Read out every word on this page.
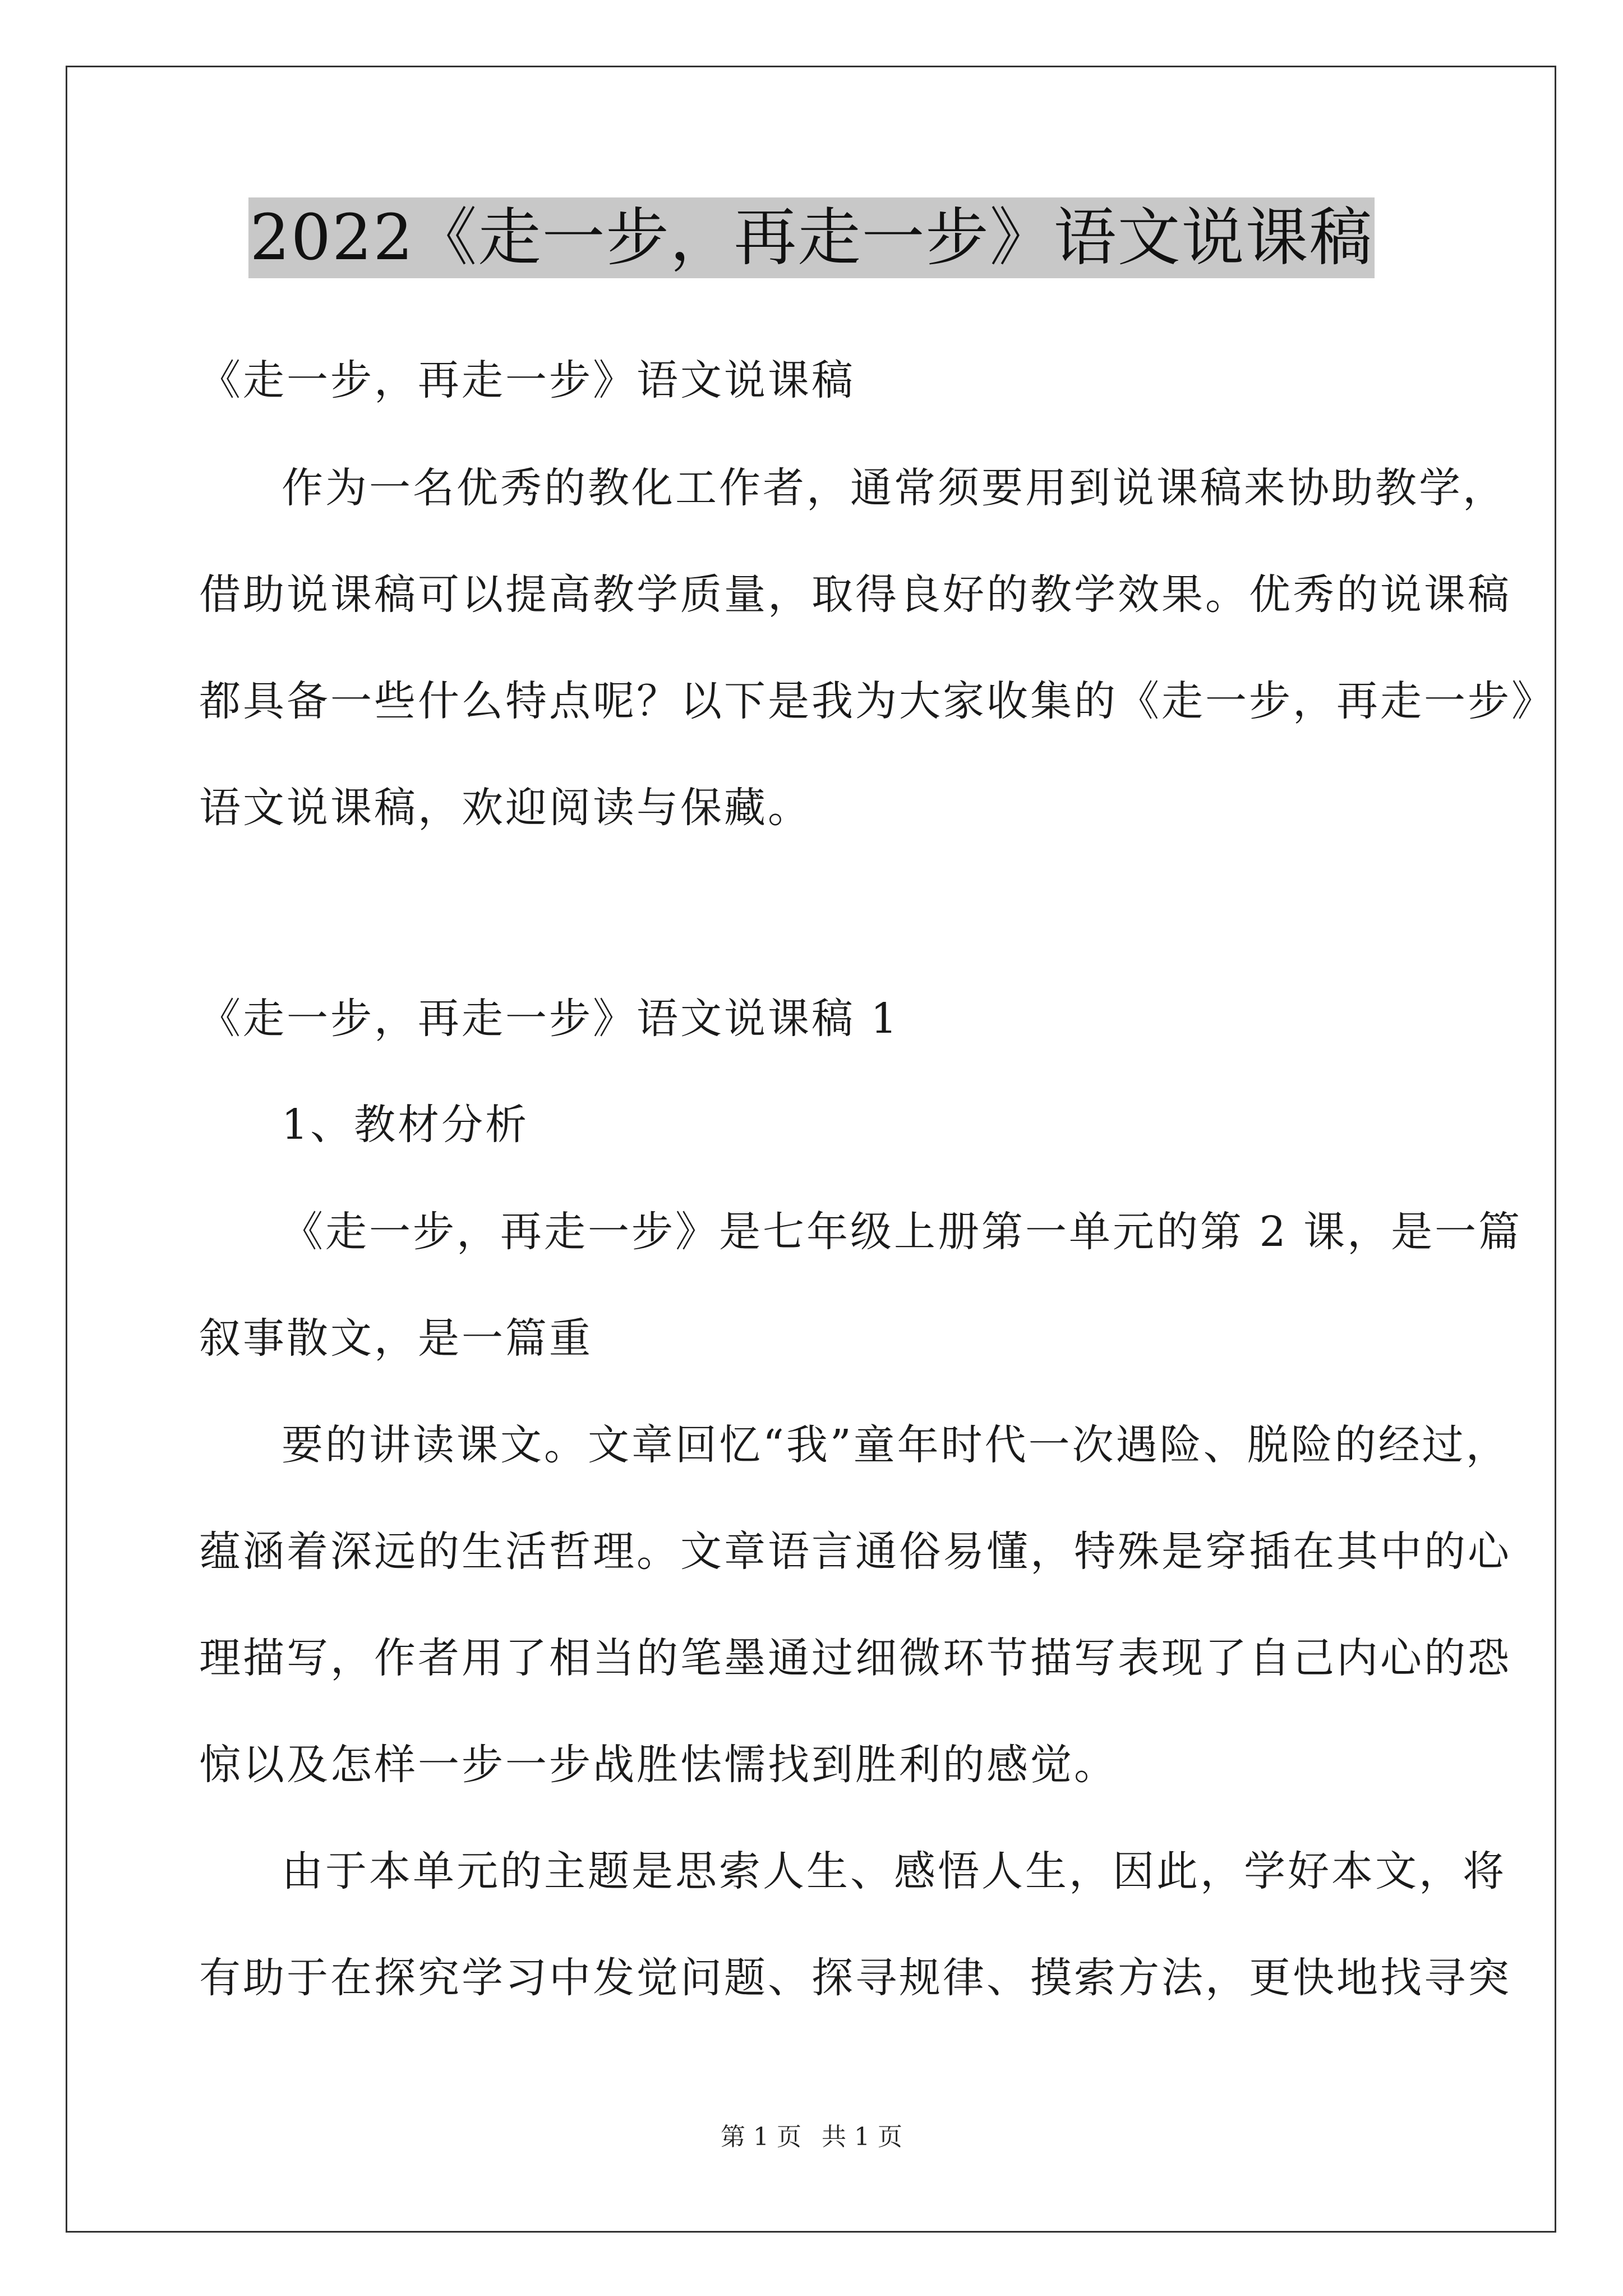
2022《走一步，再走一步》语文说课稿
《走一步，再走一步》语文说课稿
作为一名优秀的教化工作者，通常须要用到说课稿来协助教学，
借助说课稿可以提高教学质量，取得良好的教学效果。优秀的说课稿
都具备一些什么特点呢？以下是我为大家收集的《走一步，再走一步》
语文说课稿，欢迎阅读与保藏。
《走一步，再走一步》语文说课稿 1
1、教材分析
《走一步，再走一步》是七年级上册第一单元的第 2 课，是一篇
叙事散文，是一篇重
要的讲读课文。文章回忆“我”童年时代一次遇险、脱险的经过，
蕴涵着深远的生活哲理。文章语言通俗易懂，特殊是穿插在其中的心
理描写，作者用了相当的笔墨通过细微环节描写表现了自己内心的恐
惊以及怎样一步一步战胜怯懦找到胜利的感觉。
由于本单元的主题是思索人生、感悟人生，因此，学好本文，将
有助于在探究学习中发觉问题、探寻规律、摸索方法，更快地找寻突
第 1 页 共 1 页
